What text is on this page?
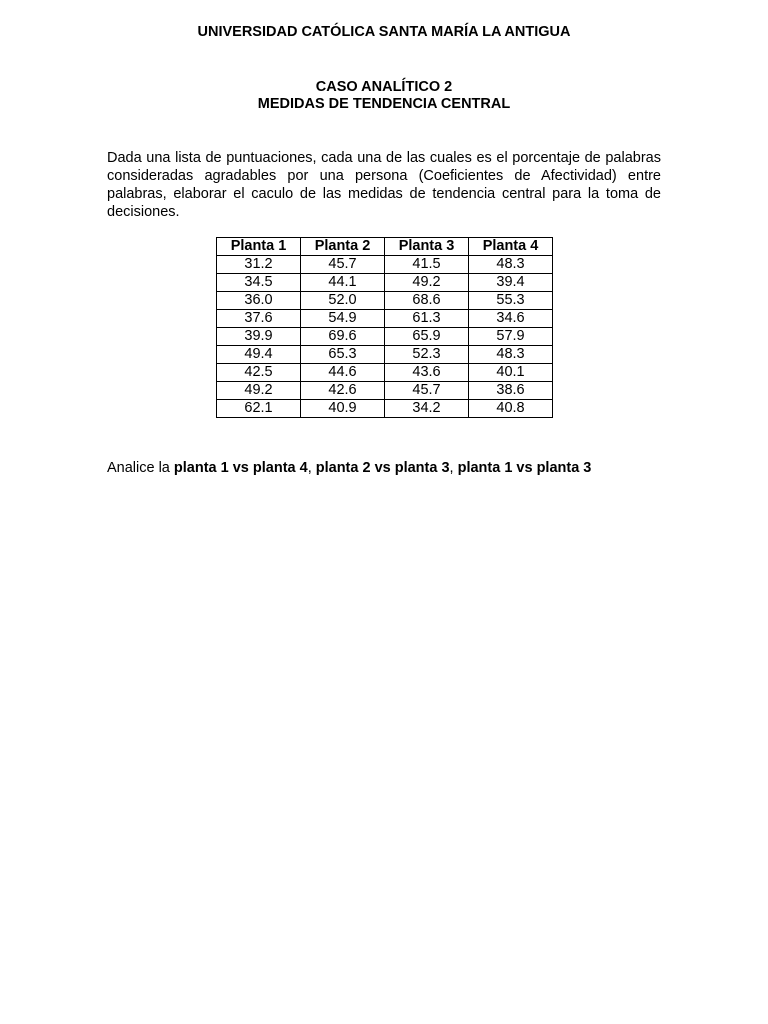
UNIVERSIDAD CATÓLICA SANTA MARÍA LA ANTIGUA
CASO ANALÍTICO 2
MEDIDAS DE TENDENCIA CENTRAL
Dada una lista de puntuaciones, cada una de las cuales es el porcentaje de palabras consideradas agradables por una persona (Coeficientes de Afectividad) entre palabras, elaborar el caculo de las medidas de tendencia central para la toma de decisiones.
Planta 1	Planta 2	Planta 3	Planta 4
31.2	45.7	41.5	48.3
34.5	44.1	49.2	39.4
36.0	52.0	68.6	55.3
37.6	54.9	61.3	34.6
39.9	69.6	65.9	57.9
49.4	65.3	52.3	48.3
42.5	44.6	43.6	40.1
49.2	42.6	45.7	38.6
62.1	40.9	34.2	40.8
Analice la planta 1 vs planta 4, planta 2 vs planta 3, planta 1 vs planta 3
